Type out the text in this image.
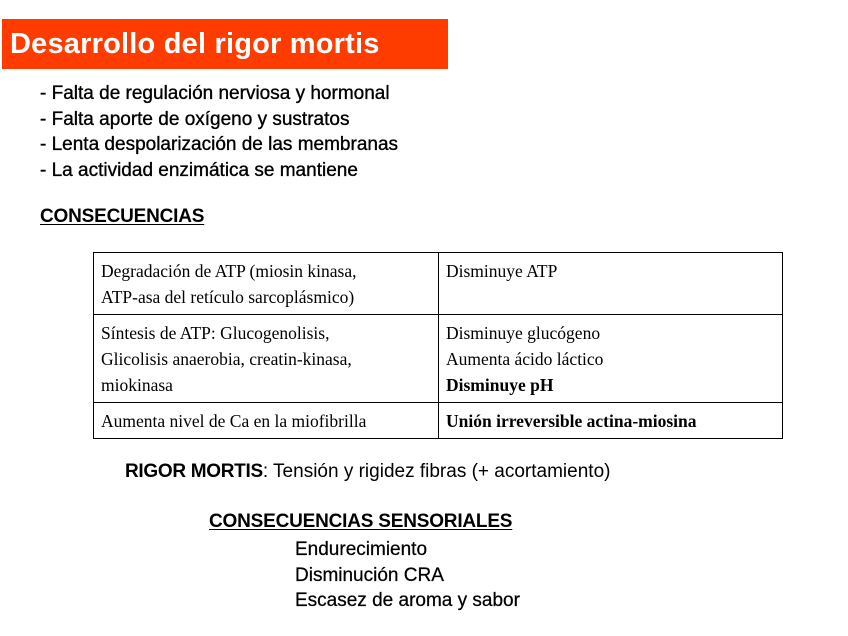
Desarrollo del rigor mortis
- Falta de regulación nerviosa y hormonal
- Falta aporte de oxígeno y sustratos
- Lenta despolarización de las membranas
- La actividad enzimática se mantiene
CONSECUENCIAS
Degradación de ATP (miosin kinasa,
ATP-asa del retículo sarcoplásmico)	Disminuye ATP

Síntesis de ATP: Glucogenolisis,
Glicolisis anaerobia, creatin-kinasa,
miokinasa	Disminuye glucógeno
Aumenta ácido láctico
Disminuye pH

Aumenta nivel de Ca en la miofibrilla	Unión irreversible actina-miosina
RIGOR MORTIS: Tensión y rigidez fibras (+ acortamiento)
CONSECUENCIAS SENSORIALES
Endurecimiento
Disminución CRA
Escasez de aroma y sabor
